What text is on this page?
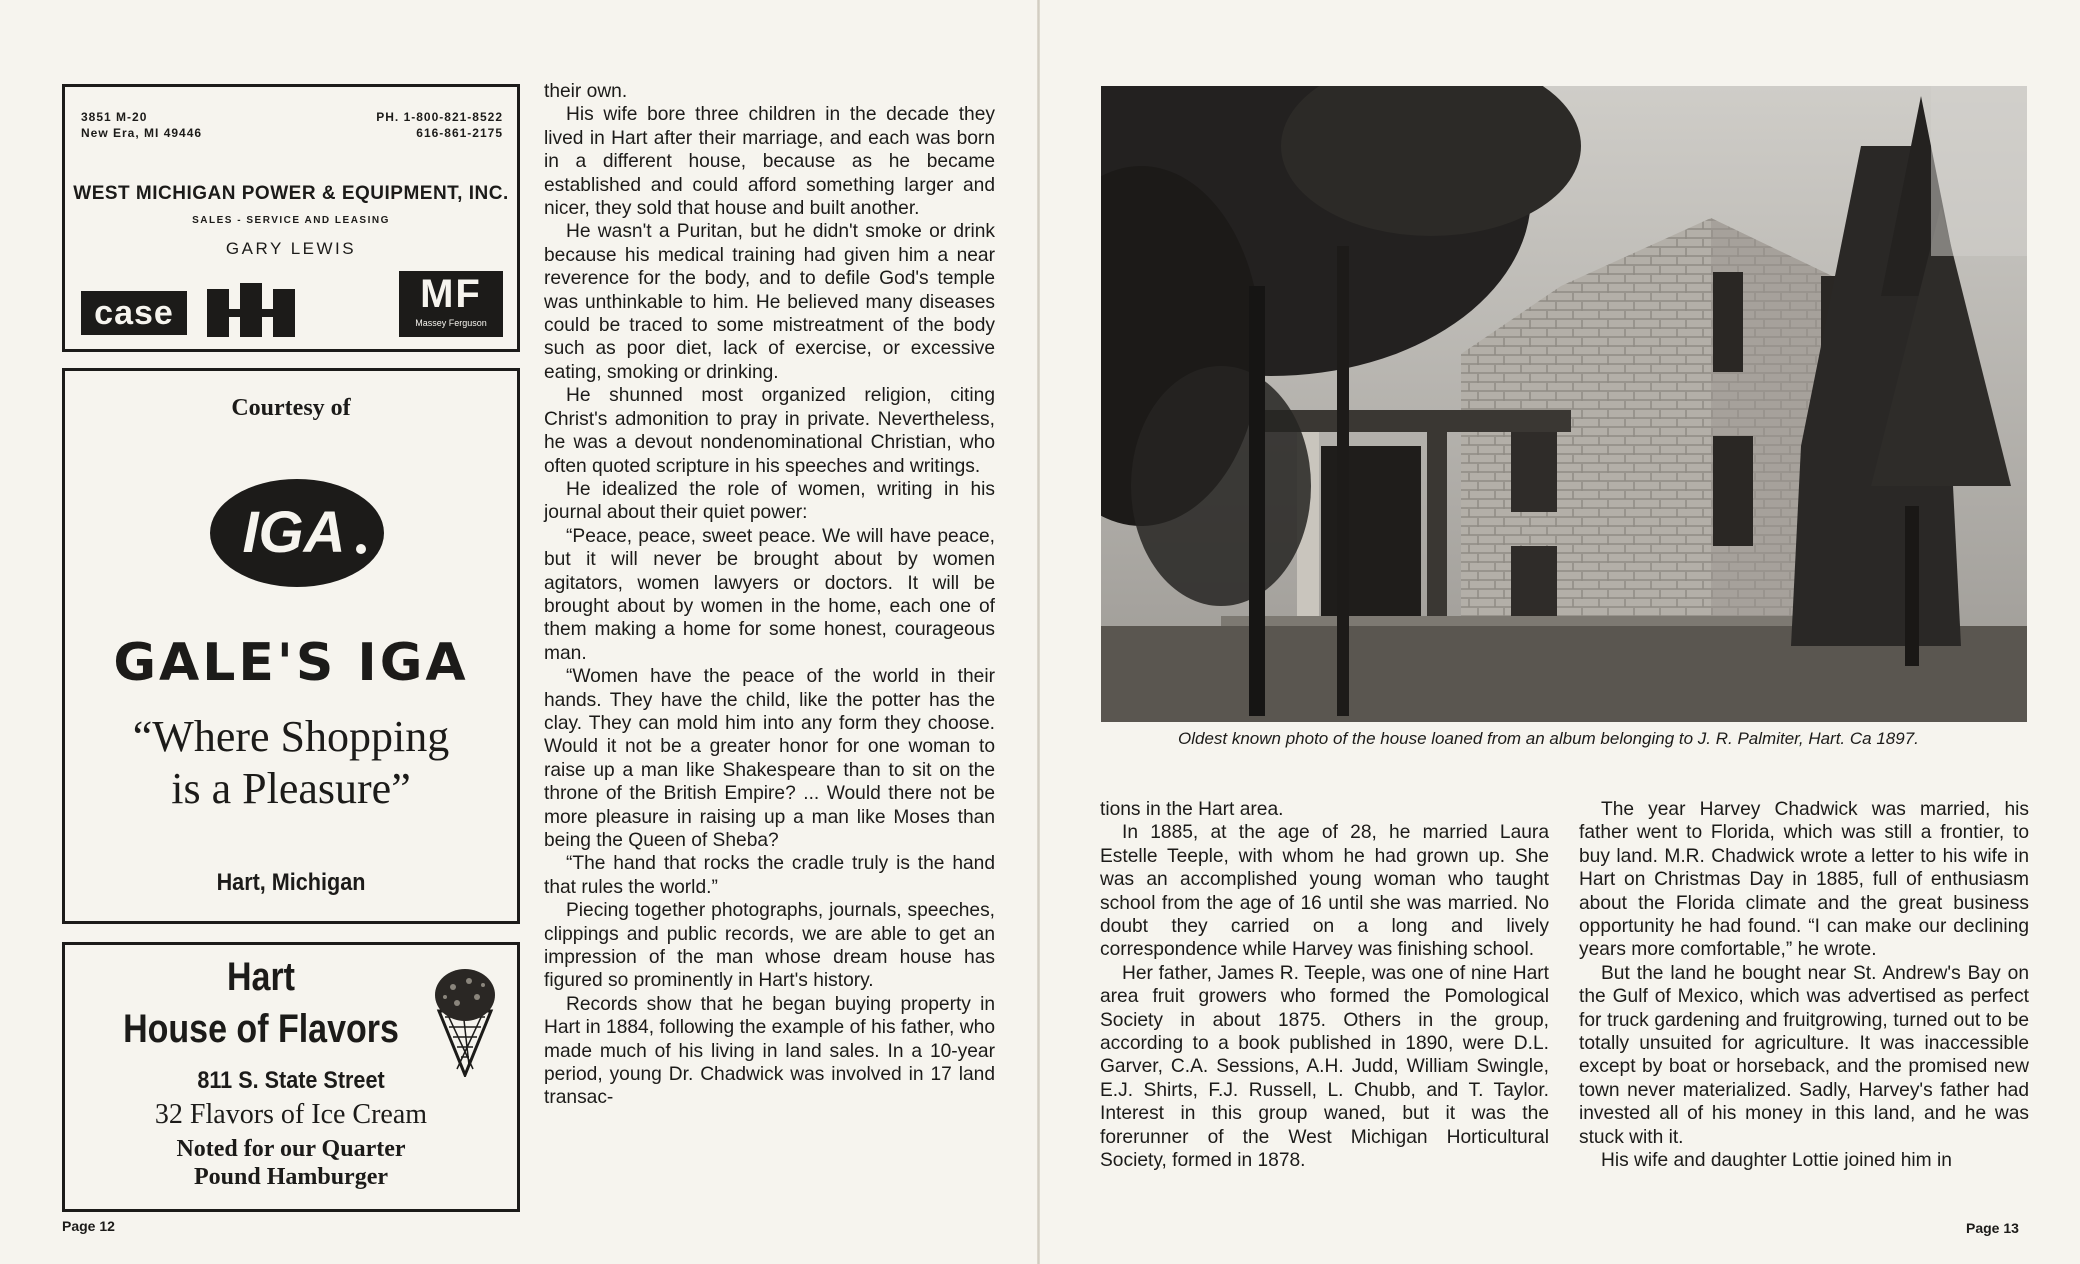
3851 M-20
New Era, MI 49446
PH. 1-800-821-8522
616-861-2175
WEST MICHIGAN POWER & EQUIPMENT, INC.
SALES - SERVICE AND LEASING
GARY LEWIS
case	MF
Massey Ferguson
Courtesy of
IGA
GALE'S IGA
“Where Shopping
is a Pleasure”
Hart, Michigan
Hart
House of Flavors
811 S. State Street
32 Flavors of Ice Cream
Noted for our Quarter
Pound Hamburger
Page 12	Page 13

their own.

His wife bore three children in the decade they lived in Hart after their marriage, and each was born in a different house, because as he became established and could afford something larger and nicer, they sold that house and built another.

He wasn't a Puritan, but he didn't smoke or drink because his medical training had given him a near reverence for the body, and to defile God's temple was unthinkable to him. He believed many diseases could be traced to some mistreatment of the body such as poor diet, lack of exercise, or excessive eating, smoking or drinking.

He shunned most organized religion, citing Christ's admonition to pray in private. Nevertheless, he was a devout nondenominational Christian, who often quoted scripture in his speeches and writings.

He idealized the role of women, writing in his journal about their quiet power:

“Peace, peace, sweet peace. We will have peace, but it will never be brought about by women agitators, women lawyers or doctors. It will be brought about by women in the home, each one of them making a home for some honest, courageous man.

“Women have the peace of the world in their hands. They have the child, like the potter has the clay. They can mold him into any form they choose. Would it not be a greater honor for one woman to raise up a man like Shakespeare than to sit on the throne of the British Empire? ... Would there not be more pleasure in raising up a man like Moses than being the Queen of Sheba?

“The hand that rocks the cradle truly is the hand that rules the world.”

Piecing together photographs, journals, speeches, clippings and public records, we are able to get an impression of the man whose dream house has figured so prominently in Hart's history.

Records show that he began buying property in Hart in 1884, following the example of his father, who made much of his living in land sales. In a 10-year period, young Dr. Chadwick was involved in 17 land transac-

Oldest known photo of the house loaned from an album belonging to J. R. Palmiter, Hart. Ca 1897.

tions in the Hart area.

In 1885, at the age of 28, he married Laura Estelle Teeple, with whom he had grown up. She was an accomplished young woman who taught school from the age of 16 until she was married. No doubt they carried on a long and lively correspondence while Harvey was finishing school.

Her father, James R. Teeple, was one of nine Hart area fruit growers who formed the Pomological Society in about 1875. Others in the group, according to a book published in 1890, were D.L. Garver, C.A. Sessions, A.H. Judd, William Swingle, E.J. Shirts, F.J. Russell, L. Chubb, and T. Taylor. Interest in this group waned, but it was the forerunner of the West Michigan Horticultural Society, formed in 1878.

The year Harvey Chadwick was married, his father went to Florida, which was still a frontier, to buy land. M.R. Chadwick wrote a letter to his wife in Hart on Christmas Day in 1885, full of enthusiasm about the Florida climate and the great business opportunity he had found. “I can make our declining years more comfortable,” he wrote.

But the land he bought near St. Andrew's Bay on the Gulf of Mexico, which was advertised as perfect for truck gardening and fruitgrowing, turned out to be totally unsuited for agriculture. It was inaccessible except by boat or horseback, and the promised new town never materialized. Sadly, Harvey's father had invested all of his money in this land, and he was stuck with it.

His wife and daughter Lottie joined him in
